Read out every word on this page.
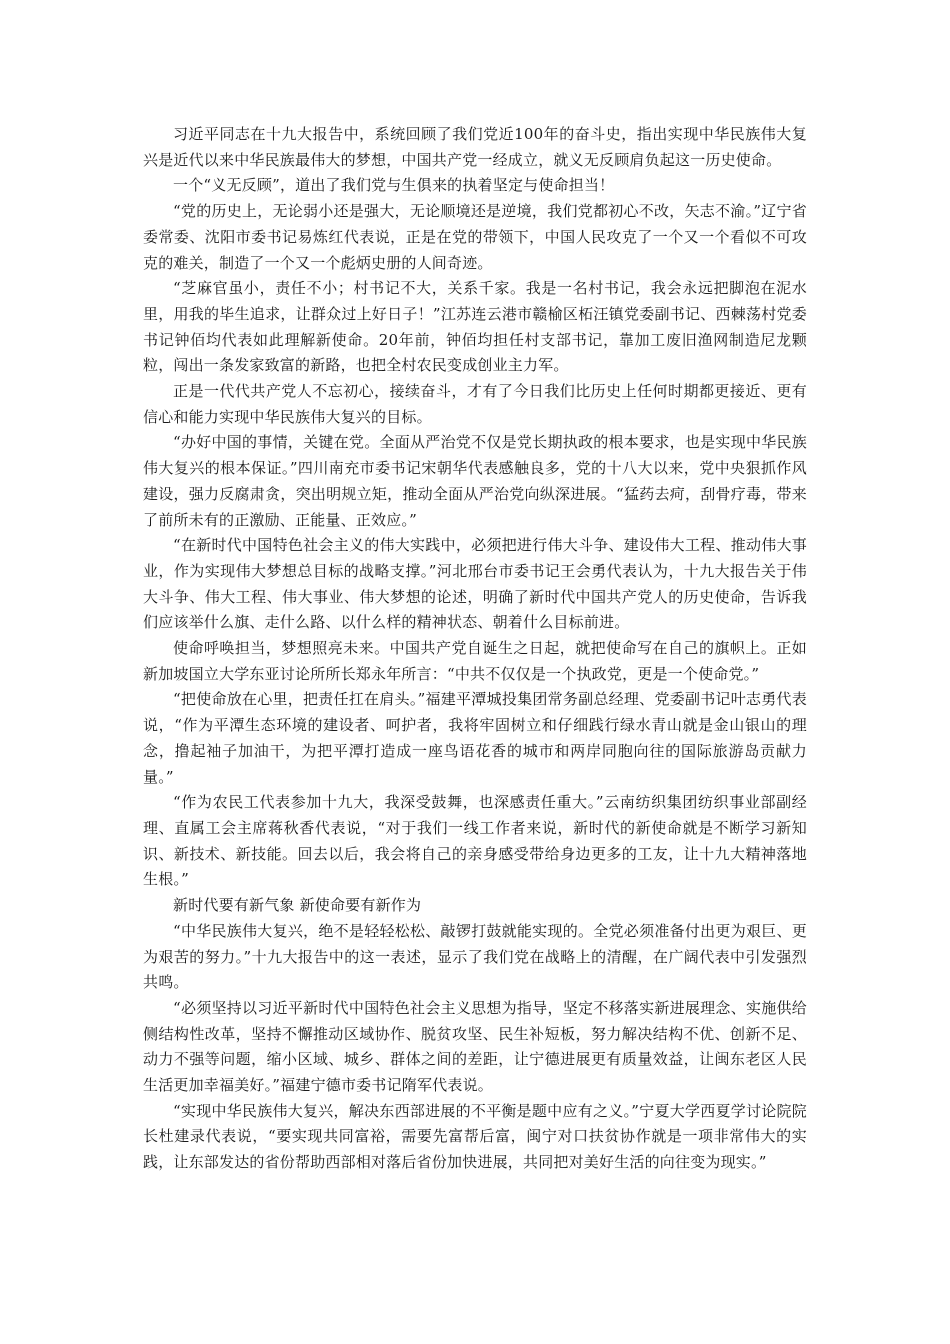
习近平同志在十九大报告中，系统回顾了我们党近100年的奋斗史，指出实现中华民族伟大复兴是近代以来中华民族最伟大的梦想，中国共产党一经成立，就义无反顾肩负起这一历史使命。

一个“义无反顾”，道出了我们党与生俱来的执着坚定与使命担当！

“党的历史上，无论弱小还是强大，无论顺境还是逆境，我们党都初心不改，矢志不渝。”辽宁省委常委、沈阳市委书记易炼红代表说，正是在党的带领下，中国人民攻克了一个又一个看似不可攻克的难关，制造了一个又一个彪炳史册的人间奇迹。

“芝麻官虽小，责任不小；村书记不大，关系千家。我是一名村书记，我会永远把脚泡在泥水里，用我的毕生追求，让群众过上好日子！”江苏连云港市赣榆区柘汪镇党委副书记、西棘荡村党委书记钟佰均代表如此理解新使命。20年前，钟佰均担任村支部书记，靠加工废旧渔网制造尼龙颗粒，闯出一条发家致富的新路，也把全村农民变成创业主力军。

正是一代代共产党人不忘初心，接续奋斗，才有了今日我们比历史上任何时期都更接近、更有信心和能力实现中华民族伟大复兴的目标。

“办好中国的事情，关键在党。全面从严治党不仅是党长期执政的根本要求，也是实现中华民族伟大复兴的根本保证。”四川南充市委书记宋朝华代表感触良多，党的十八大以来，党中央狠抓作风建设，强力反腐肃贪，突出明规立矩，推动全面从严治党向纵深进展。“猛药去疴，刮骨疗毒，带来了前所未有的正激励、正能量、正效应。”

“在新时代中国特色社会主义的伟大实践中，必须把进行伟大斗争、建设伟大工程、推动伟大事业，作为实现伟大梦想总目标的战略支撑。”河北邢台市委书记王会勇代表认为，十九大报告关于伟大斗争、伟大工程、伟大事业、伟大梦想的论述，明确了新时代中国共产党人的历史使命，告诉我们应该举什么旗、走什么路、以什么样的精神状态、朝着什么目标前进。

使命呼唤担当，梦想照亮未来。中国共产党自诞生之日起，就把使命写在自己的旗帜上。正如新加坡国立大学东亚讨论所所长郑永年所言：“中共不仅仅是一个执政党，更是一个使命党。”

“把使命放在心里，把责任扛在肩头。”福建平潭城投集团常务副总经理、党委副书记叶志勇代表说，“作为平潭生态环境的建设者、呵护者，我将牢固树立和仔细践行绿水青山就是金山银山的理念，撸起袖子加油干，为把平潭打造成一座鸟语花香的城市和两岸同胞向往的国际旅游岛贡献力量。”

“作为农民工代表参加十九大，我深受鼓舞，也深感责任重大。”云南纺织集团纺织事业部副经理、直属工会主席蒋秋香代表说，“对于我们一线工作者来说，新时代的新使命就是不断学习新知识、新技术、新技能。回去以后，我会将自己的亲身感受带给身边更多的工友，让十九大精神落地生根。”

新时代要有新气象 新使命要有新作为

“中华民族伟大复兴，绝不是轻轻松松、敲锣打鼓就能实现的。全党必须准备付出更为艰巨、更为艰苦的努力。”十九大报告中的这一表述，显示了我们党在战略上的清醒，在广阔代表中引发强烈共鸣。

“必须坚持以习近平新时代中国特色社会主义思想为指导，坚定不移落实新进展理念、实施供给侧结构性改革，坚持不懈推动区域协作、脱贫攻坚、民生补短板，努力解决结构不优、创新不足、动力不强等问题，缩小区域、城乡、群体之间的差距，让宁德进展更有质量效益，让闽东老区人民生活更加幸福美好。”福建宁德市委书记隋军代表说。

“实现中华民族伟大复兴，解决东西部进展的不平衡是题中应有之义。”宁夏大学西夏学讨论院院长杜建录代表说，“要实现共同富裕，需要先富帮后富，闽宁对口扶贫协作就是一项非常伟大的实践，让东部发达的省份帮助西部相对落后省份加快进展，共同把对美好生活的向往变为现实。”
